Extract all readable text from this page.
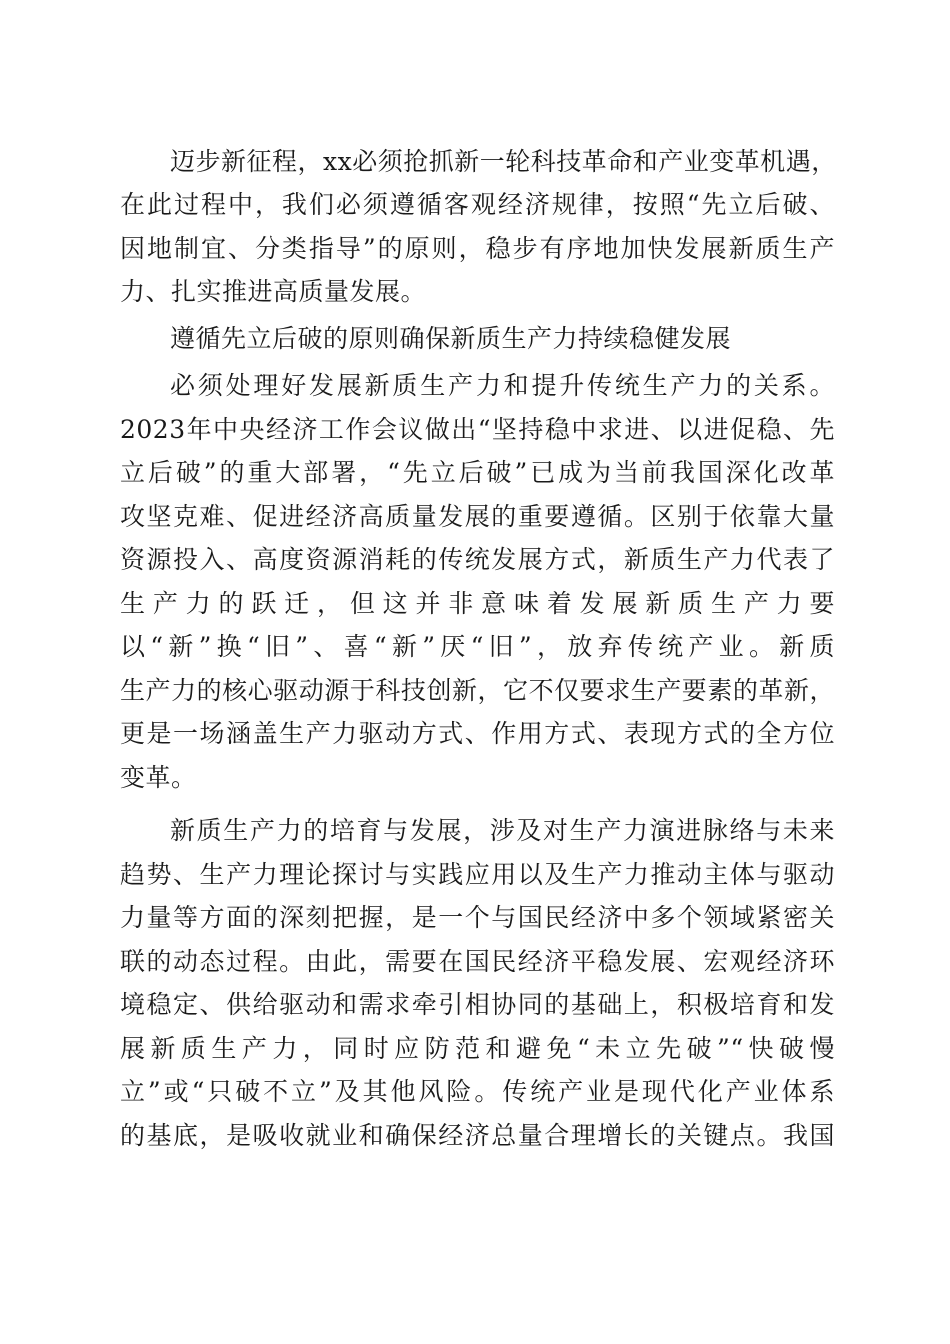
迈步新征程，xx必须抢抓新一轮科技革命和产业变革机遇，
在此过程中，我们必须遵循客观经济规律，按照“先立后破、
因地制宜、分类指导”的原则，稳步有序地加快发展新质生产
力、扎实推进高质量发展。
遵循先立后破的原则确保新质生产力持续稳健发展
必须处理好发展新质生产力和提升传统生产力的关系。
2023年中央经济工作会议做出“坚持稳中求进、以进促稳、先
立后破”的重大部署，“先立后破”已成为当前我国深化改革
攻坚克难、促进经济高质量发展的重要遵循。区别于依靠大量
资源投入、高度资源消耗的传统发展方式，新质生产力代表了
生产力的跃迁，但这并非意味着发展新质生产力要
以“新”换“旧”、喜“新”厌“旧”，放弃传统产业。新质
生产力的核心驱动源于科技创新，它不仅要求生产要素的革新，
更是一场涵盖生产力驱动方式、作用方式、表现方式的全方位
变革。
新质生产力的培育与发展，涉及对生产力演进脉络与未来
趋势、生产力理论探讨与实践应用以及生产力推动主体与驱动
力量等方面的深刻把握，是一个与国民经济中多个领域紧密关
联的动态过程。由此，需要在国民经济平稳发展、宏观经济环
境稳定、供给驱动和需求牵引相协同的基础上，积极培育和发
展新质生产力，同时应防范和避免“未立先破”“快破慢
立”或“只破不立”及其他风险。传统产业是现代化产业体系
的基底，是吸收就业和确保经济总量合理增长的关键点。我国
